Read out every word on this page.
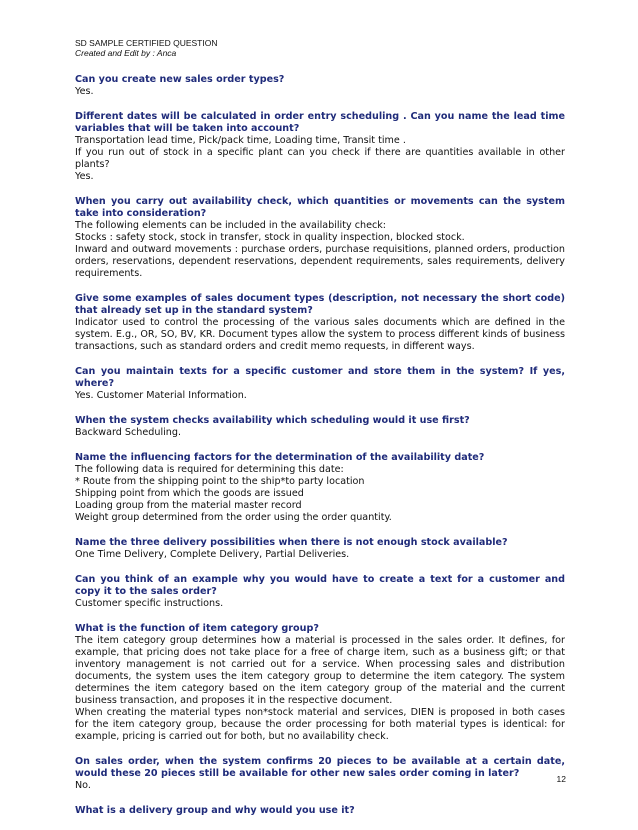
SD SAMPLE CERTIFIED QUESTION
Created and Edit by : Anca
Can you create new sales order types?
Yes.
Different dates will be calculated in order entry scheduling . Can you name the lead time variables that will be taken into account?
Transportation lead time, Pick/pack time, Loading time, Transit time .
If you run out of stock in a specific plant can you check if there are quantities available in other plants?
Yes.
When you carry out availability check, which quantities or movements can the system take into consideration?
The following elements can be included in the availability check:
Stocks : safety stock, stock in transfer, stock in quality inspection, blocked stock.
Inward and outward movements : purchase orders, purchase requisitions, planned orders, production orders, reservations, dependent reservations, dependent requirements, sales requirements, delivery requirements.
Give some examples of sales document types (description, not necessary the short code) that already set up in the standard system?
Indicator used to control the processing of the various sales documents which are defined in the system. E.g., OR, SO, BV, KR. Document types allow the system to process different kinds of business transactions, such as standard orders and credit memo requests, in different ways.
Can you maintain texts for a specific customer and store them in the system? If yes, where?
Yes. Customer Material Information.
When the system checks availability which scheduling would it use first?
Backward Scheduling.
Name the influencing factors for the determination of the availability date?
The following data is required for determining this date:
* Route from the shipping point to the ship*to party location
Shipping point from which the goods are issued
Loading group from the material master record
Weight group determined from the order using the order quantity.
Name the three delivery possibilities when there is not enough stock available?
One Time Delivery, Complete Delivery, Partial Deliveries.
Can you think of an example why you would have to create a text for a customer and copy it to the sales order?
Customer specific instructions.
What is the function of item category group?
The item category group determines how a material is processed in the sales order. It defines, for example, that pricing does not take place for a free of charge item, such as a business gift; or that inventory management is not carried out for a service. When processing sales and distribution documents, the system uses the item category group to determine the item category. The system determines the item category based on the item category group of the material and the current business transaction, and proposes it in the respective document.
When creating the material types non*stock material and services, DIEN is proposed in both cases for the item category group, because the order processing for both material types is identical: for example, pricing is carried out for both, but no availability check.
On sales order, when the system confirms 20 pieces to be available at a certain date, would these 20 pieces still be available for other new sales order coming in later?
No.
What is a delivery group and why would you use it?
12
